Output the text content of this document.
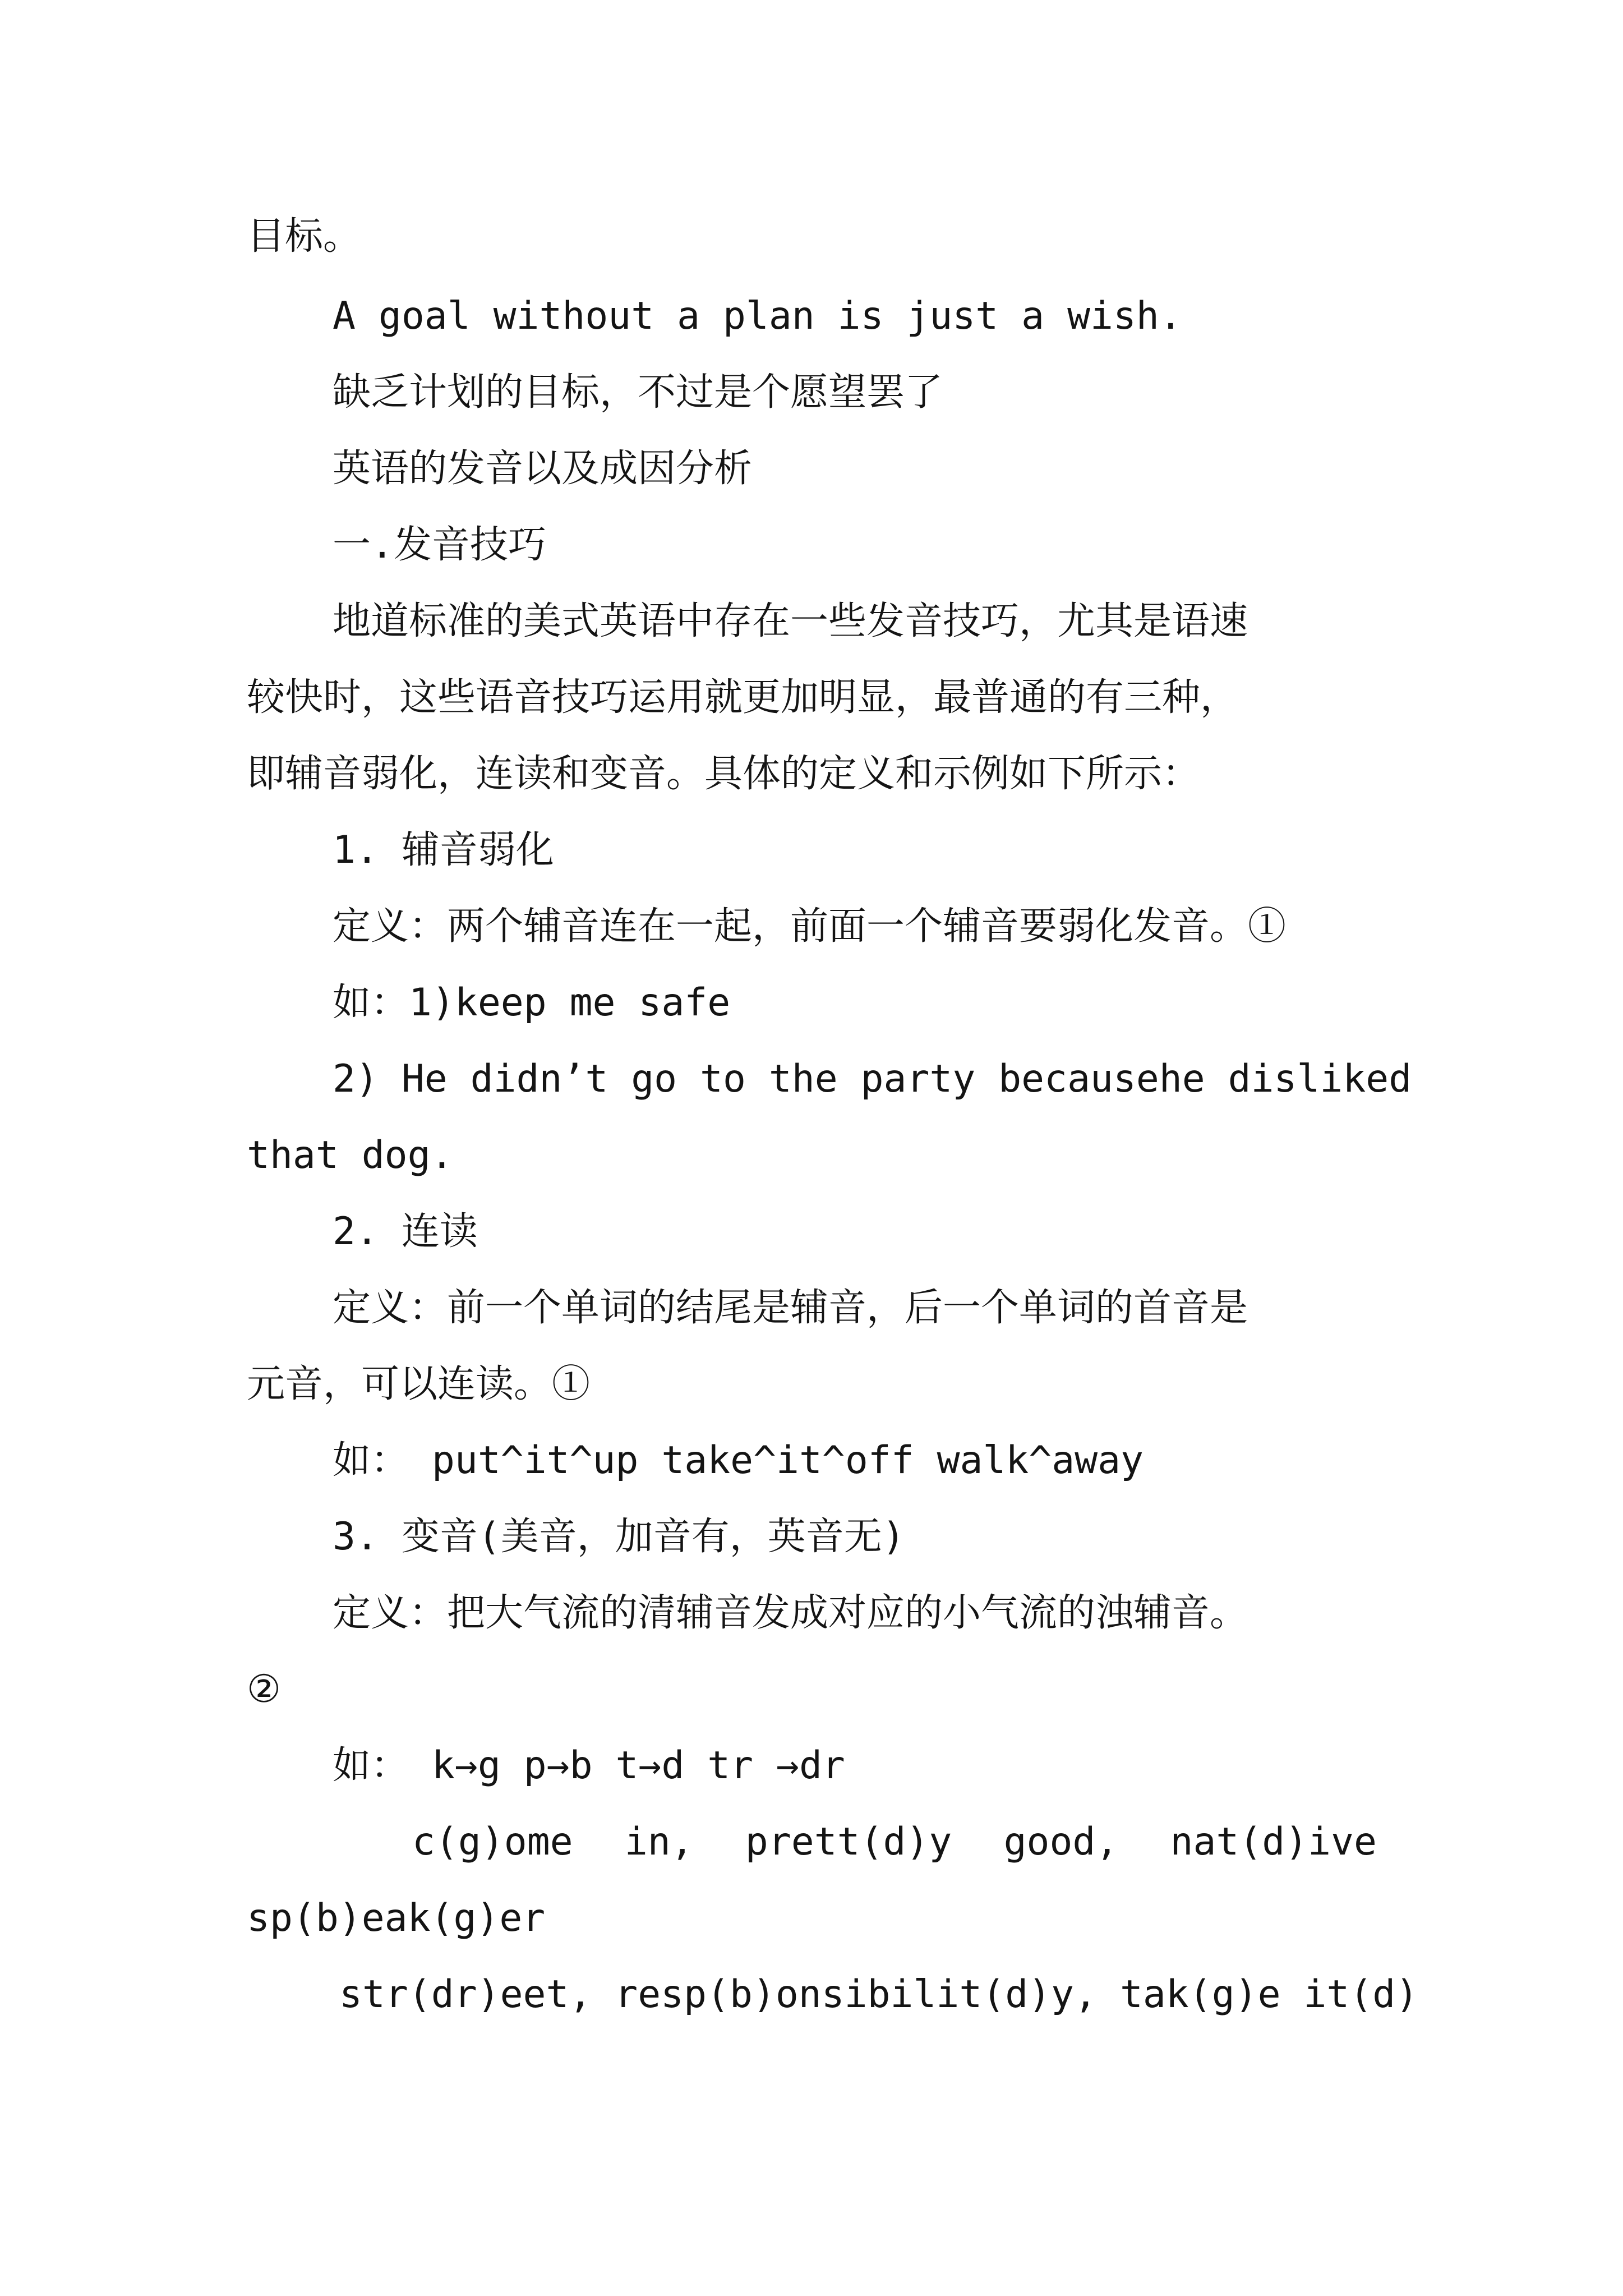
目标。
A goal without a plan is just a wish.
缺乏计划的目标，不过是个愿望罢了
英语的发音以及成因分析
一.发音技巧
地道标准的美式英语中存在一些发音技巧，尤其是语速
较快时，这些语音技巧运用就更加明显，最普通的有三种，
即辅音弱化，连读和变音。具体的定义和示例如下所示：
1. 辅音弱化
定义：两个辅音连在一起，前面一个辅音要弱化发音。①
如：1)keep me safe
2) He didn’t go to the party becausehe disliked
that dog.
2. 连读
定义：前一个单词的结尾是辅音，后一个单词的首音是
元音，可以连读。①
如： put^it^up take^it^off walk^away
3. 变音(美音，加音有，英音无)
定义：把大气流的清辅音发成对应的小气流的浊辅音。
②
如： k→g p→b t→d tr →dr
c(g)ome in, prett(d)y good, nat(d)ive
sp(b)eak(g)er
str(dr)eet, resp(b)onsibilit(d)y, tak(g)e it(d)
